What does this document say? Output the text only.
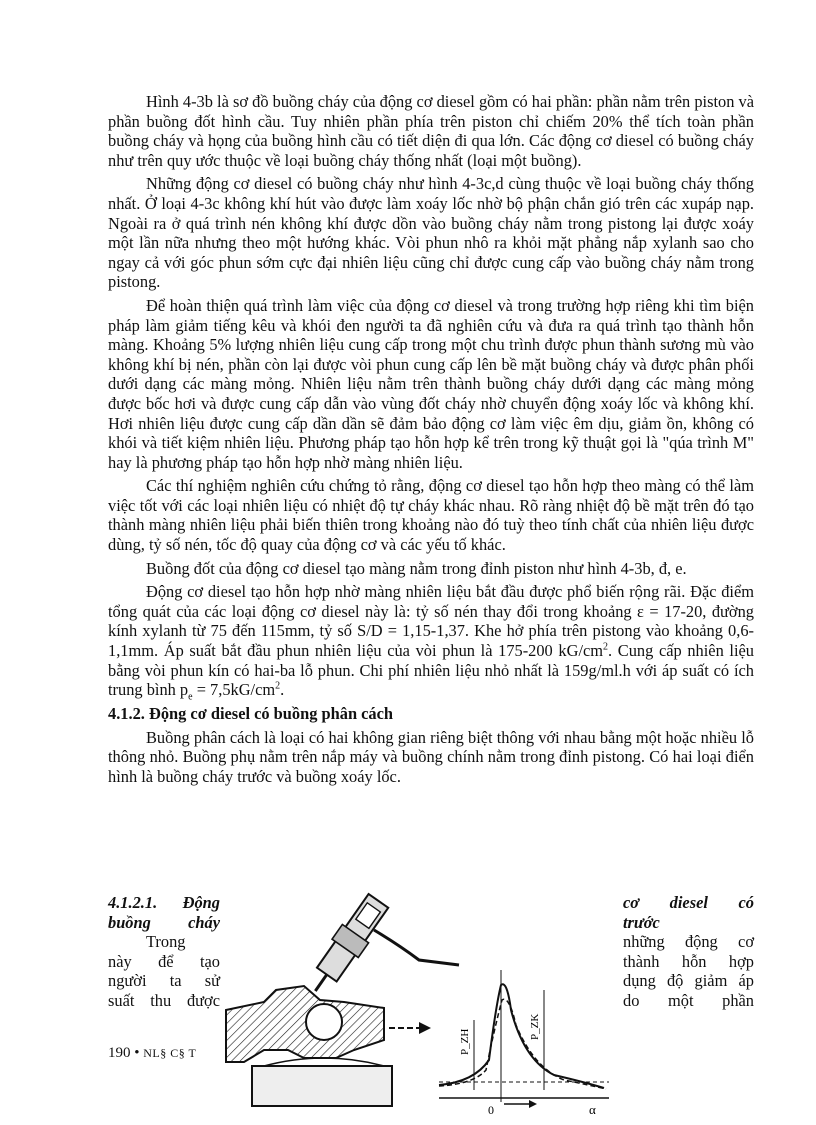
Hình 4-3b là sơ đồ buồng cháy của động cơ diesel gồm có hai phần: phần nằm trên piston và phần buồng đốt hình cầu. Tuy nhiên phần phía trên piston chỉ chiếm 20% thể tích toàn phần buồng cháy và họng của buồng hình cầu có tiết diện đi qua lớn. Các động cơ diesel có buồng cháy như trên quy ước thuộc về loại buồng cháy thống nhất (loại một buồng).

Những động cơ diesel có buồng cháy như hình 4-3c,d cùng thuộc về loại buồng cháy thống nhất. Ở loại 4-3c không khí hút vào được làm xoáy lốc nhờ bộ phận chắn gió trên các xupáp nạp. Ngoài ra ở quá trình nén không khí được dồn vào buồng cháy nằm trong pistong lại được xoáy một lần nữa nhưng theo một hướng khác. Vòi phun nhô ra khỏi mặt phẳng nắp xylanh sao cho ngay cả với góc phun sớm cực đại nhiên liệu cũng chỉ được cung cấp vào buồng cháy nằm trong pistong.

Để hoàn thiện quá trình làm việc của động cơ diesel và trong trường hợp riêng khi tìm biện pháp làm giảm tiếng kêu và khói đen người ta đã nghiên cứu và đưa ra quá trình tạo thành hỗn màng. Khoảng 5% lượng nhiên liệu cung cấp trong một chu trình được phun thành sương mù vào không khí bị nén, phần còn lại được vòi phun cung cấp lên bề mặt buồng cháy và được phân phối dưới dạng các màng mỏng. Nhiên liệu nằm trên thành buồng cháy dưới dạng các màng mỏng được bốc hơi và được cung cấp dẫn vào vùng đốt cháy nhờ chuyển động xoáy lốc và không khí. Hơi nhiên liệu được cung cấp dần dần sẽ đảm bảo động cơ làm việc êm dịu, giảm ồn, không có khói và tiết kiệm nhiên liệu. Phương pháp tạo hỗn hợp kể trên trong kỹ thuật gọi là "qúa trình M" hay là phương pháp tạo hỗn hợp nhờ màng nhiên liệu.

Các thí nghiệm nghiên cứu chứng tỏ rằng, động cơ diesel tạo hỗn hợp theo màng có thể làm việc tốt với các loại nhiên liệu có nhiệt độ tự cháy khác nhau. Rõ ràng nhiệt độ bề mặt trên đó tạo thành màng nhiên liệu phải biến thiên trong khoảng nào đó tuỳ theo tính chất của nhiên liệu được dùng, tỷ số nén, tốc độ quay của động cơ và các yếu tố khác.

Buồng đốt của động cơ diesel tạo màng nằm trong đỉnh piston như hình 4-3b, đ, e.

Động cơ diesel tạo hỗn hợp nhờ màng nhiên liệu bắt đầu được phổ biến rộng rãi. Đặc điểm tổng quát của các loại động cơ diesel này là: tỷ số nén thay đổi trong khoảng ε = 17-20, đường kính xylanh từ 75 đến 115mm, tỷ số S/D = 1,15-1,37. Khe hở phía trên pistong vào khoảng 0,6-1,1mm. Áp suất bắt đầu phun nhiên liệu của vòi phun là 175-200 $kG/cm^2$. Cung cấp nhiên liệu bằng vòi phun kín có hai-ba lỗ phun. Chi phí nhiên liệu nhỏ nhất là 159g/ml.h với áp suất có ích trung bình $p_e = 7,5kG/cm^2$.

4.1.2. Động cơ diesel có buồng phân cách

Buồng phân cách là loại có hai không gian riêng biệt thông với nhau bằng một hoặc nhiều lỗ thông nhỏ. Buồng phụ nằm trên nắp máy và buồng chính nằm trong đỉnh pistong. Có hai loại điển hình là buồng cháy trước và buồng xoáy lốc.

4.1.2.1. Động
buồng cháy
Trong
này để tạo
người ta sử
suất thu được
cơ diesel có
trước
những động cơ
thành hỗn hợp
dụng độ giảm áp
do một phần
P_ZH
P_ZK
0	α
190 • NL§ C§ T
